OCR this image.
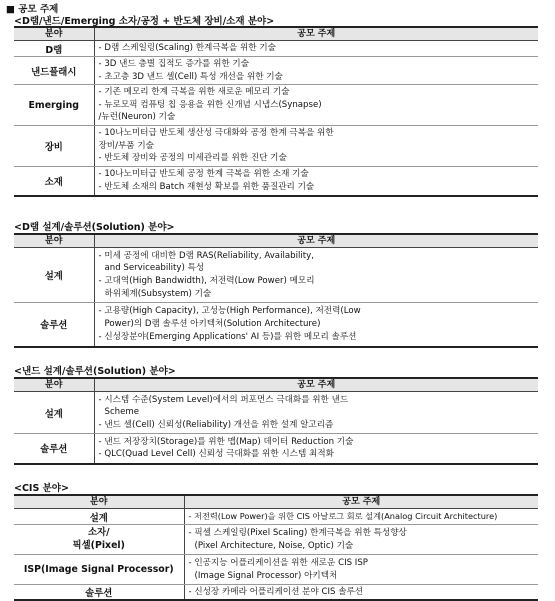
■ 공모 주제
<D램/낸드/Emerging 소자/공정 + 반도체 장비/소재 분야>
분야	공모 주제
D램	- D램 스케일링(Scaling) 한계극복을 위한 기술

낸드플래시	- 3D 낸드 층별 집적도 증가를 위한 기술
- 초고층 3D 낸드 셀(Cell) 특성 개선을 위한 기술

Emerging	- 기존 메모리 한계 극복을 위한 새로운 메모리 기술
- 뉴로모픽 컴퓨팅 칩 응용을 위한 신개념 시냅스(Synapse)
/뉴런(Neuron) 기술

장비	- 10나노미터급 반도체 생산성 극대화와 공정 한계 극복을 위한
장비/부품 기술
- 반도체 장비와 공정의 미세관리를 위한 진단 기술

소재	- 10나노미터급 반도체 공정 한계 극복을 위한 소재 기술
- 반도체 소재의 Batch 재현성 확보를 위한 품질관리 기술
<D램 설계/솔루션(Solution) 분야>
분야	공모 주제
설계	- 미세 공정에 대비한 D램 RAS(Reliability, Availability,
and Serviceability) 특성
- 고대역(High Bandwidth), 저전력(Low Power) 메모리
하위체계(Subsystem) 기술

솔루션	- 고용량(High Capacity), 고성능(High Performance), 저전력(Low
Power)의 D램 솔루션 아키텍처(Solution Architecture)
- 신성장분야(Emerging Applications' AI 등)를 위한 메모리 솔루션
<낸드 설계/솔루션(Solution) 분야>
분야	공모 주제
설계	- 시스템 수준(System Level)에서의 퍼포먼스 극대화를 위한 낸드
Scheme
- 낸드 셀(Cell) 신뢰성(Reliability) 개선을 위한 설계 알고리즘

솔루션	- 낸드 저장장치(Storage)를 위한 맵(Map) 데이터 Reduction 기술
- QLC(Quad Level Cell) 신뢰성 극대화를 위한 시스템 최적화
<CIS 분야>
분야	공모 주제
설계	- 저전력(Low Power)을 위한 CIS 아날로그 회로 설계(Analog Circuit Architecture)

소자/
픽셀(Pixel)	- 픽셀 스케일링(Pixel Scaling) 한계극복을 위한 특성향상
(Pixel Architecture, Noise, Optic) 기술

ISP(Image Signal Processor)	- 인공지능 어플리케이션을 위한 새로운 CIS ISP
(Image Signal Processor) 아키텍처

솔루션	- 신성장 카메라 어플리케이션 분야 CIS 솔루션
